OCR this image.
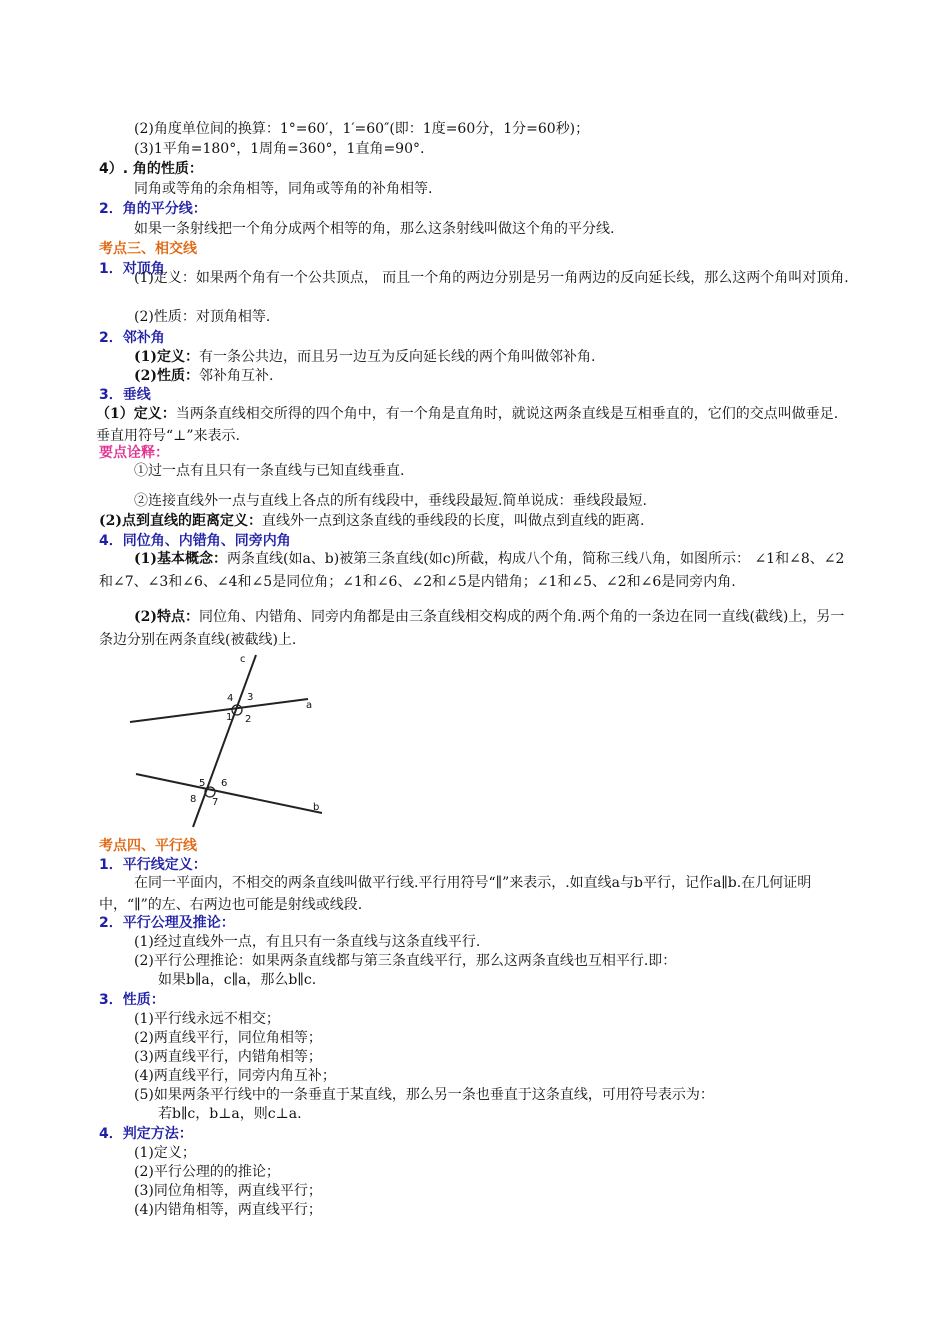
(2)角度单位间的换算：1°=60′，1′=60″(即：1度=60分，1分=60秒)；
(3)1平角=180°，1周角=360°，1直角=90°.
4）. 角的性质：
同角或等角的余角相等，同角或等角的补角相等.
2．角的平分线：
如果一条射线把一个角分成两个相等的角，那么这条射线叫做这个角的平分线.
考点三、相交线
1．对顶角
(1)定义：如果两个角有一个公共顶点， 而且一个角的两边分别是另一角两边的反向延长线，那么这两个角叫对顶角.
(2)性质：对顶角相等.
2．邻补角
(1)定义：有一条公共边，而且另一边互为反向延长线的两个角叫做邻补角.
(2)性质：邻补角互补.
3．垂线
（1）定义：当两条直线相交所得的四个角中，有一个角是直角时，就说这两条直线是互相垂直的，它们的交点叫做垂足.垂直用符号“⊥”来表示.
要点诠释：
①过一点有且只有一条直线与已知直线垂直.
②连接直线外一点与直线上各点的所有线段中，垂线段最短.简单说成：垂线段最短.
(2)点到直线的距离定义：直线外一点到这条直线的垂线段的长度，叫做点到直线的距离.
4．同位角、内错角、同旁内角
(1)基本概念：两条直线(如a、b)被第三条直线(如c)所截，构成八个角，简称三线八角，如图所示： ∠1和∠8、∠2和∠7、∠3和∠6、∠4和∠5是同位角；∠1和∠6、∠2和∠5是内错角；∠1和∠5、∠2和∠6是同旁内角.
(2)特点：同位角、内错角、同旁内角都是由三条直线相交构成的两个角.两个角的一条边在同一直线(截线)上，另一条边分别在两条直线(被截线)上.
c
a
b
4 3
1 2
5 6
8 7
考点四、平行线
1．平行线定义：
在同一平面内，不相交的两条直线叫做平行线.平行用符号“∥”来表示，.如直线a与b平行，记作a∥b.在几何证明中，“∥”的左、右两边也可能是射线或线段.
2．平行公理及推论：
(1)经过直线外一点，有且只有一条直线与这条直线平行.
(2)平行公理推论：如果两条直线都与第三条直线平行，那么这两条直线也互相平行.即：
如果b∥a，c∥a，那么b∥c.
3．性质：
(1)平行线永远不相交；
(2)两直线平行，同位角相等；
(3)两直线平行，内错角相等；
(4)两直线平行，同旁内角互补；
(5)如果两条平行线中的一条垂直于某直线，那么另一条也垂直于这条直线，可用符号表示为：
若b∥c，b⊥a，则c⊥a.
4．判定方法：
(1)定义；
(2)平行公理的的推论；
(3)同位角相等，两直线平行；
(4)内错角相等，两直线平行；
